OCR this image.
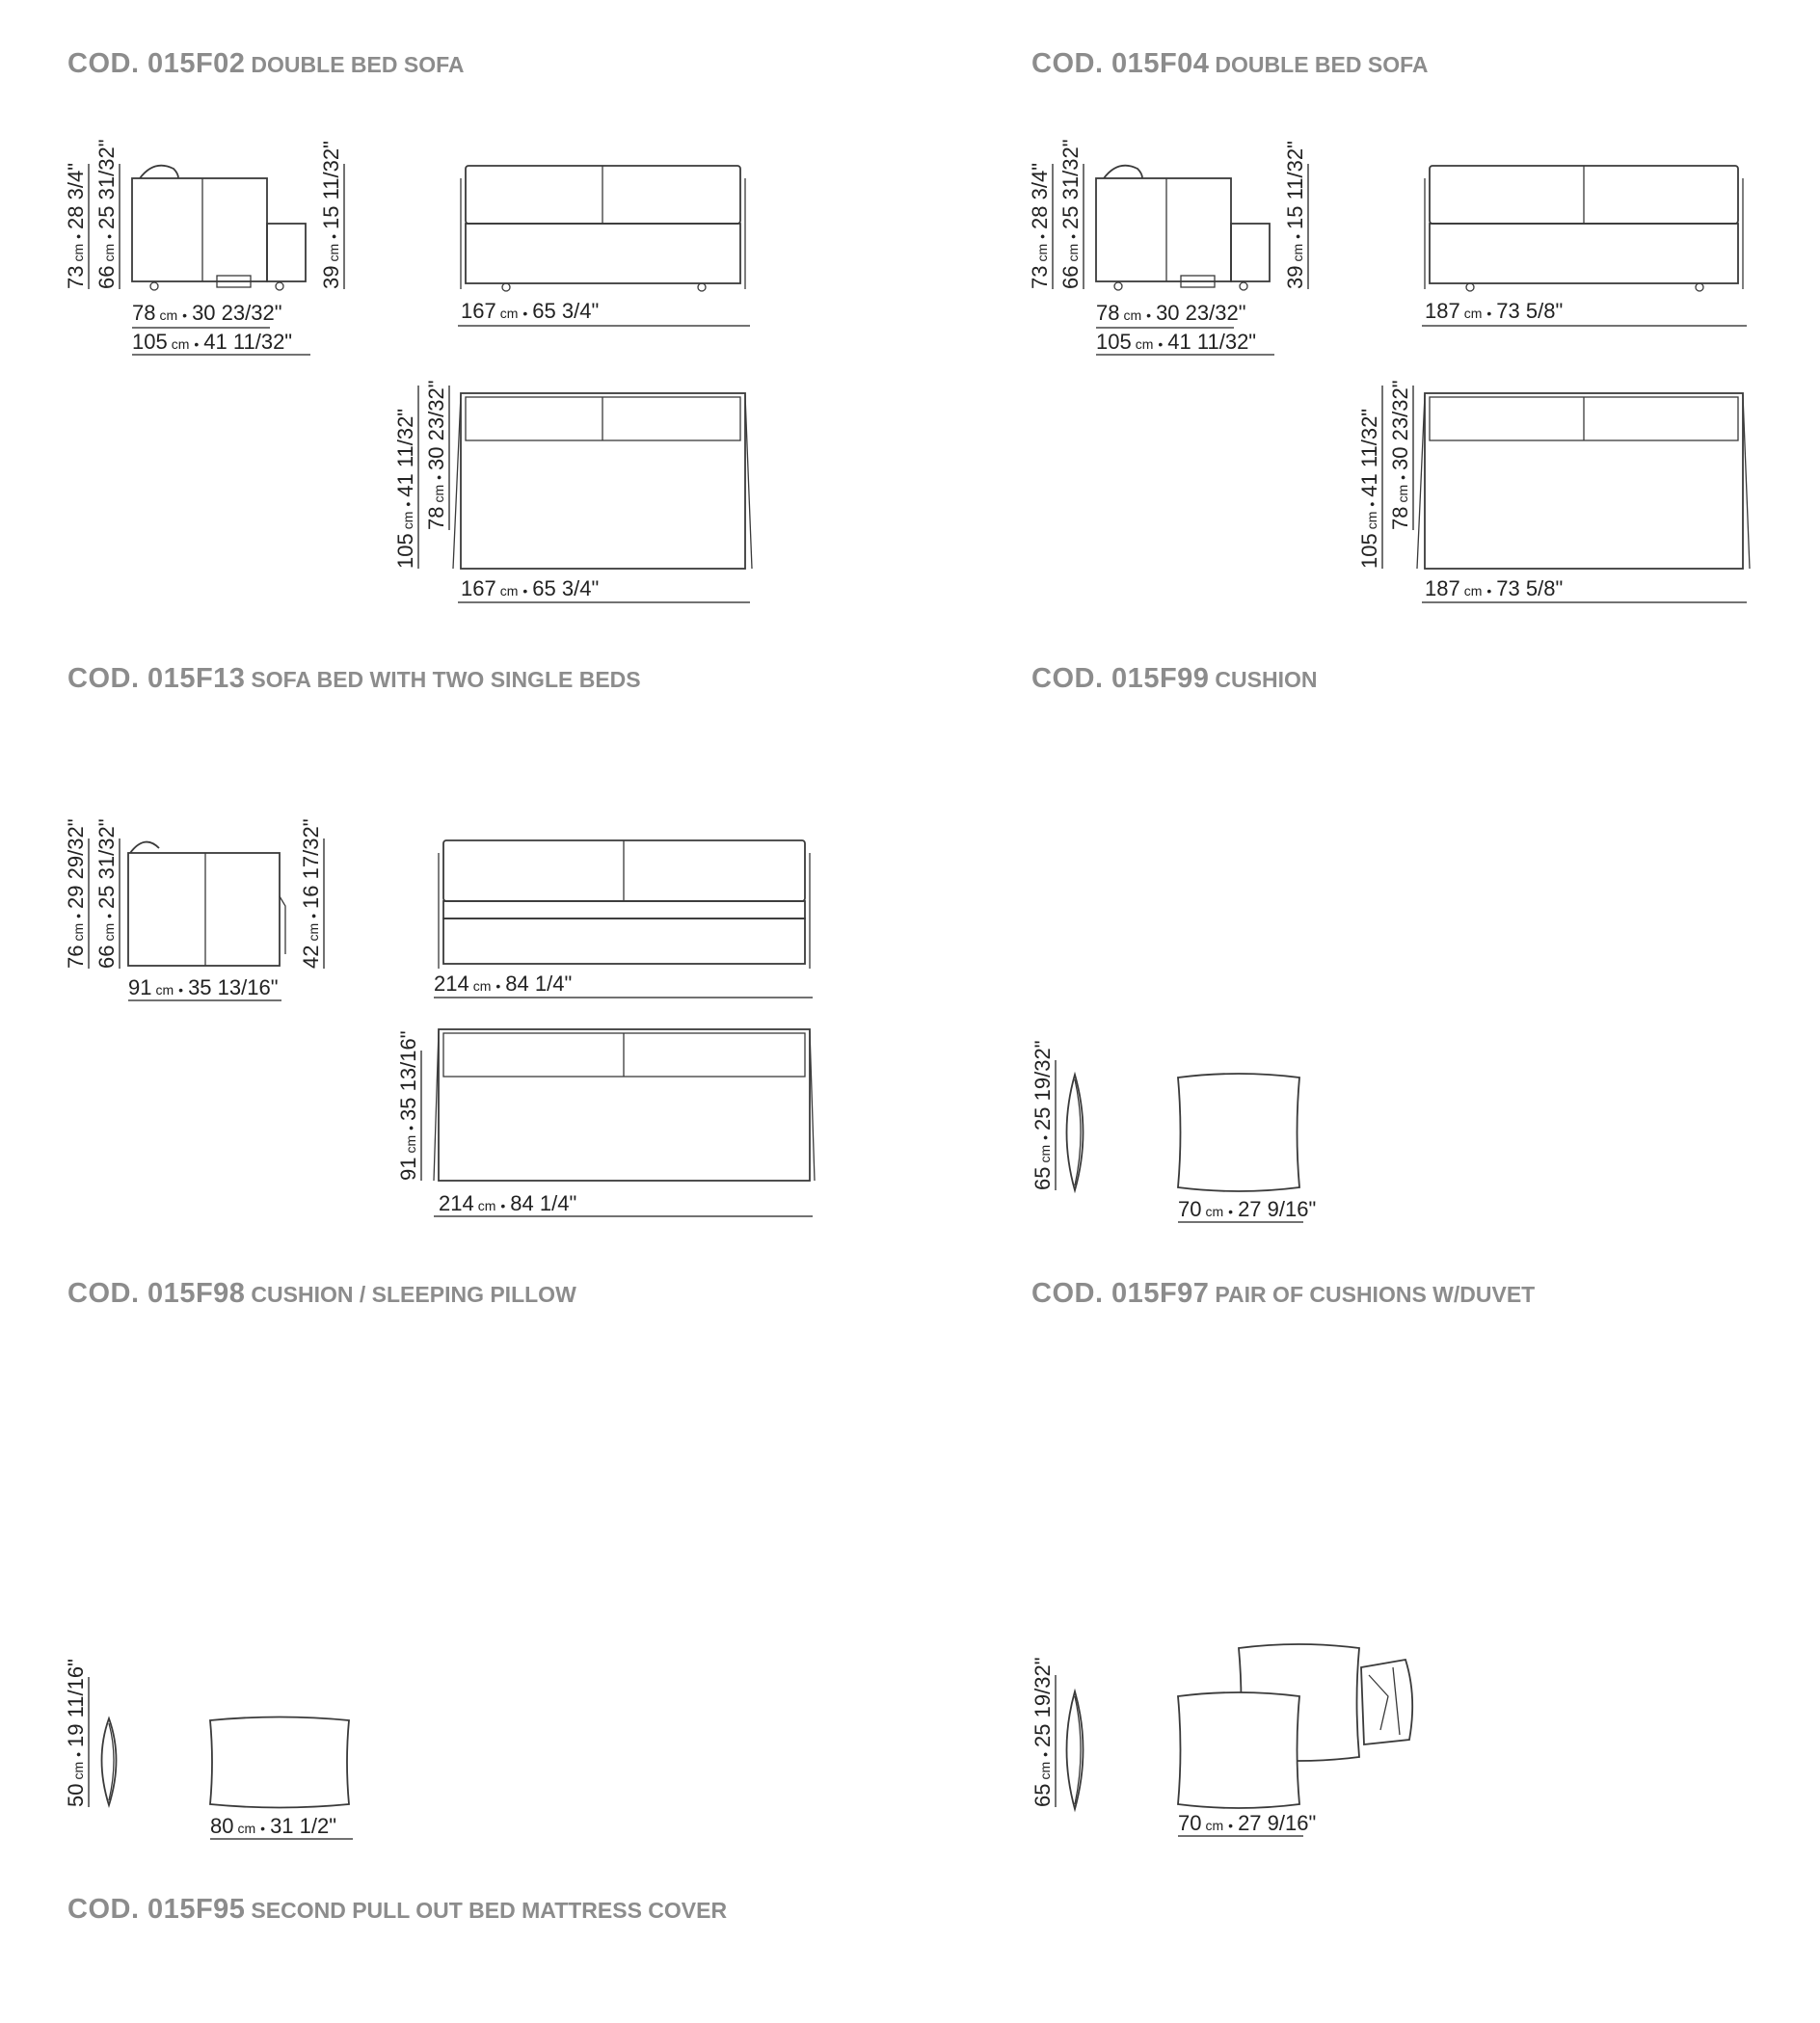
COD. 015F02 DOUBLE BED SOFA	COD. 015F04 DOUBLE BED SOFA
COD. 015F13 SOFA BED WITH TWO SINGLE BEDS	COD. 015F99 CUSHION
COD. 015F98 CUSHION / SLEEPING PILLOW	COD. 015F97 PAIR OF CUSHIONS W/DUVET
COD. 015F95 SECOND PULL OUT BED MATTRESS COVER
78 cm • 30 23/32"
105 cm • 41 11/32"
167 cm • 65 3/4"
167 cm • 65 3/4"
73cm•28 3/4"
66cm•25 31/32"
39cm•15 11/32"
105cm•41 11/32"
78cm•30 23/32"
78 cm • 30 23/32"
105 cm • 41 11/32"
187 cm • 73 5/8"
187 cm • 73 5/8"
73cm•28 3/4"
66cm•25 31/32"
39cm•15 11/32"
105cm•41 11/32"
78cm•30 23/32"
91 cm • 35 13/16"	214 cm • 84 1/4"
214 cm • 84 1/4"
76cm•29 29/32"
66cm•25 31/32"
42cm•16 17/32"
91cm•35 13/16"
70 cm • 27 9/16"
65cm•25 19/32"
80 cm • 31 1/2"
50cm•19 11/16"
70 cm • 27 9/16"
65cm•25 19/32"
